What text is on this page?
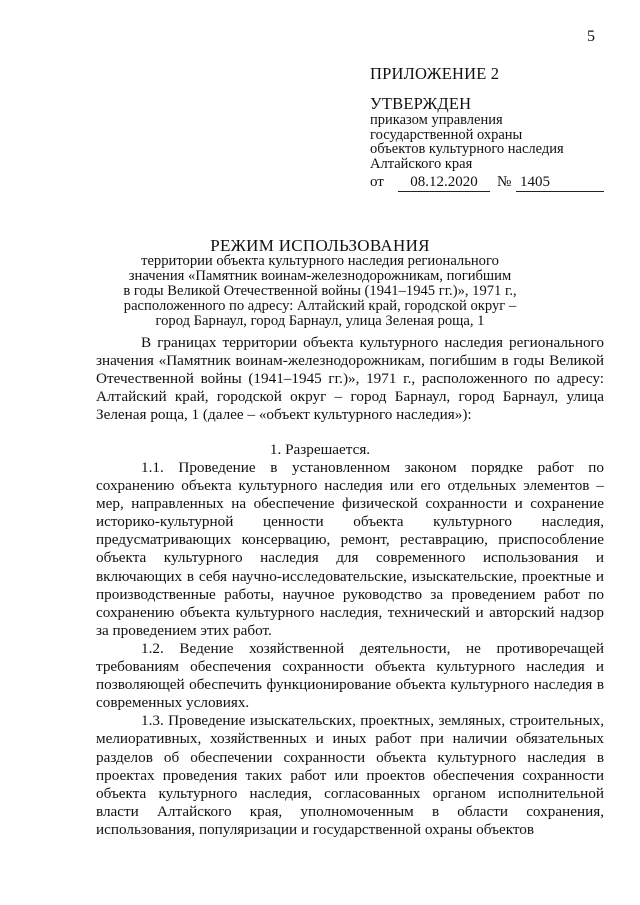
5
ПРИЛОЖЕНИЕ 2
УТВЕРЖДЕН
приказом управления
государственной охраны
объектов культурного наследия
Алтайского края
от	08.12.2020	№ 1405
РЕЖИМ ИСПОЛЬЗОВАНИЯ
территории объекта культурного наследия регионального
значения «Памятник воинам-железнодорожникам, погибшим
в годы Великой Отечественной войны (1941–1945 гг.)», 1971 г.,
расположенного по адресу: Алтайский край, городской округ –
город Барнаул, город Барнаул, улица Зеленая роща, 1

В границах территории объекта культурного наследия регионального значения «Памятник воинам-железнодорожникам, погибшим в годы Великой Отечественной войны (1941–1945 гг.)», 1971 г., расположенного по адресу: Алтайский край, городской округ – город Барнаул, город Барнаул, улица Зеленая роща, 1 (далее – «объект культурного наследия»):

1. Разрешается.

1.1. Проведение в установленном законом порядке работ по сохранению объекта культурного наследия или его отдельных элементов – мер, направленных на обеспечение физической сохранности и сохранение историко-культурной ценности объекта культурного наследия, предусматривающих консервацию, ремонт, реставрацию, приспособление объекта культурного наследия для современного использования и включающих в себя научно-исследовательские, изыскательские, проектные и производственные работы, научное руководство за проведением работ по сохранению объекта культурного наследия, технический и авторский надзор за проведением этих работ.

1.2. Ведение хозяйственной деятельности, не противоречащей требованиям обеспечения сохранности объекта культурного наследия и позволяющей обеспечить функционирование объекта культурного наследия в современных условиях.

1.3. Проведение изыскательских, проектных, земляных, строительных, мелиоративных, хозяйственных и иных работ при наличии обязательных разделов об обеспечении сохранности объекта культурного наследия в проектах проведения таких работ или проектов обеспечения сохранности объекта культурного наследия, согласованных органом исполнительной власти Алтайского края, уполномоченным в области сохранения, использования, популяризации и государственной охраны объектов
